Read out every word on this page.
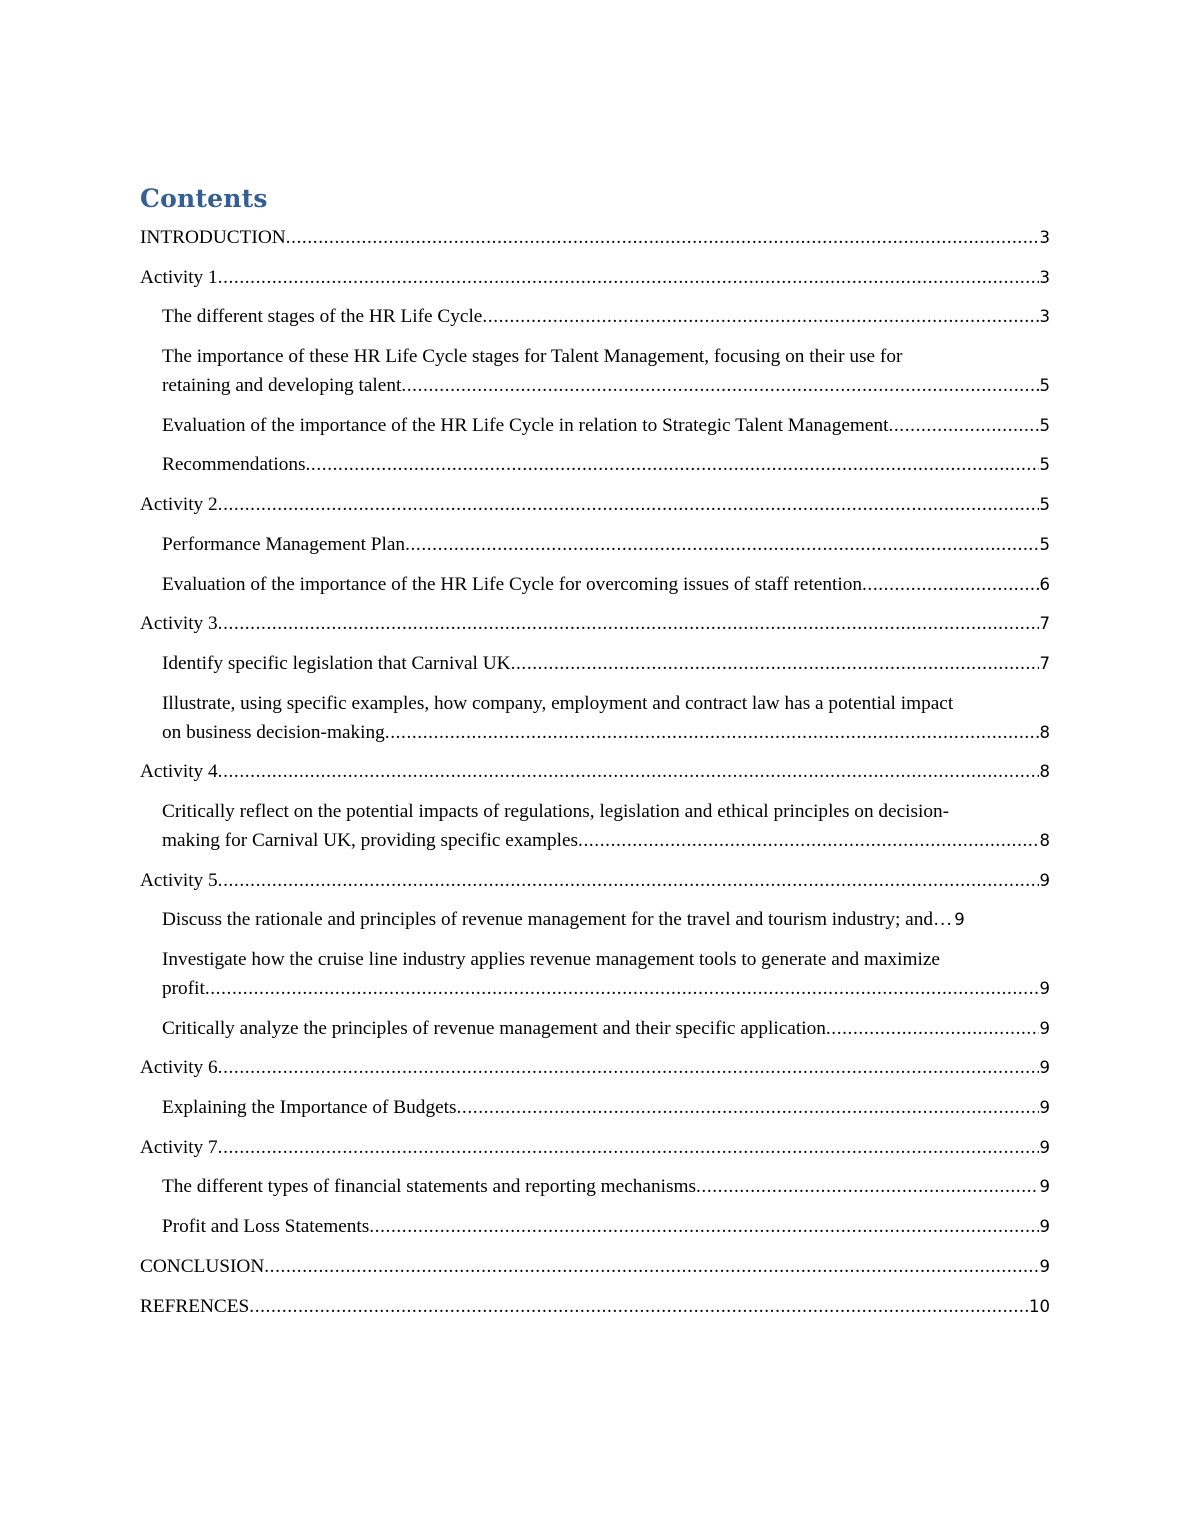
Contents
INTRODUCTION .....	3
Activity 1 .....	3
The different stages of the HR Life Cycle .....	3
The importance of these HR Life Cycle stages for Talent Management, focusing on their use for
retaining and developing talent .....	5
Evaluation of the importance of the HR Life Cycle in relation to Strategic Talent Management .....	5
Recommendations .....	5
Activity 2 .....	5
Performance Management Plan .....	5
Evaluation of the importance of the HR Life Cycle for overcoming issues of staff retention .....	6
Activity 3 .....	7
Identify specific legislation that Carnival UK .....	7
Illustrate, using specific examples, how company, employment and contract law has a potential impact
on business decision-making .....	8
Activity 4 .....	8
Critically reflect on the potential impacts of regulations, legislation and ethical principles on decision-
making for Carnival UK, providing specific examples .....	8
Activity 5 .....	9
Discuss the rationale and principles of revenue management for the travel and tourism industry; and … 9
Investigate how the cruise line industry applies revenue management tools to generate and maximize
profit .....	9
Critically analyze the principles of revenue management and their specific application .....	9
Activity 6 .....	9
Explaining the Importance of Budgets .....	9
Activity 7 .....	9
The different types of financial statements and reporting mechanisms .....	9
Profit and Loss Statements .....	9
CONCLUSION .....	9
REFRENCES .....	10
